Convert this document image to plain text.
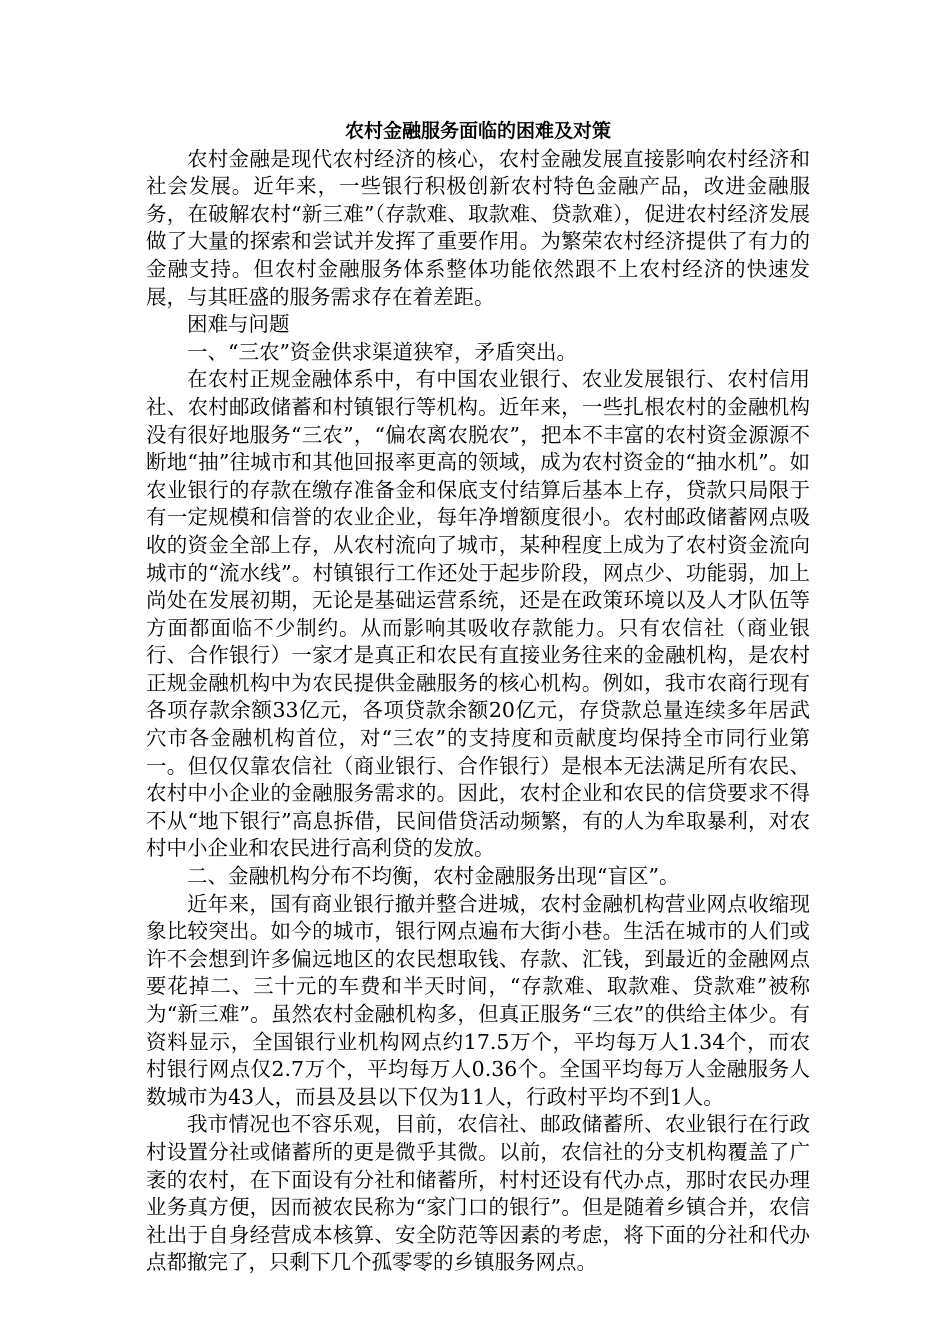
农村金融服务面临的困难及对策

农村金融是现代农村经济的核心，农村金融发展直接影响农村经济和社会发展。近年来，一些银行积极创新农村特色金融产品，改进金融服务，在破解农村“新三难”（存款难、取款难、贷款难），促进农村经济发展做了大量的探索和尝试并发挥了重要作用。为繁荣农村经济提供了有力的金融支持。但农村金融服务体系整体功能依然跟不上农村经济的快速发展，与其旺盛的服务需求存在着差距。

困难与问题

一、“三农”资金供求渠道狭窄，矛盾突出。

在农村正规金融体系中，有中国农业银行、农业发展银行、农村信用社、农村邮政储蓄和村镇银行等机构。近年来，一些扎根农村的金融机构没有很好地服务“三农”，“偏农离农脱农”，把本不丰富的农村资金源源不断地“抽”往城市和其他回报率更高的领域，成为农村资金的“抽水机”。如农业银行的存款在缴存准备金和保底支付结算后基本上存，贷款只局限于有一定规模和信誉的农业企业，每年净增额度很小。农村邮政储蓄网点吸收的资金全部上存，从农村流向了城市，某种程度上成为了农村资金流向城市的“流水线”。村镇银行工作还处于起步阶段，网点少、功能弱，加上尚处在发展初期，无论是基础运营系统，还是在政策环境以及人才队伍等方面都面临不少制约。从而影响其吸收存款能力。只有农信社（商业银行、合作银行）一家才是真正和农民有直接业务往来的金融机构，是农村正规金融机构中为农民提供金融服务的核心机构。例如，我市农商行现有各项存款余额33亿元，各项贷款余额20亿元，存贷款总量连续多年居武穴市各金融机构首位，对“三农”的支持度和贡献度均保持全市同行业第一。但仅仅靠农信社（商业银行、合作银行）是根本无法满足所有农民、农村中小企业的金融服务需求的。因此，农村企业和农民的信贷要求不得不从“地下银行”高息拆借，民间借贷活动频繁，有的人为牟取暴利，对农村中小企业和农民进行高利贷的发放。

二、金融机构分布不均衡，农村金融服务出现“盲区”。

近年来，国有商业银行撤并整合进城，农村金融机构营业网点收缩现象比较突出。如今的城市，银行网点遍布大街小巷。生活在城市的人们或许不会想到许多偏远地区的农民想取钱、存款、汇钱，到最近的金融网点要花掉二、三十元的车费和半天时间，“存款难、取款难、贷款难”被称为“新三难”。虽然农村金融机构多，但真正服务“三农”的供给主体少。有资料显示，全国银行业机构网点约17.5万个，平均每万人1.34个，而农村银行网点仅2.7万个，平均每万人0.36个。全国平均每万人金融服务人数城市为43人，而县及县以下仅为11人，行政村平均不到1人。

我市情况也不容乐观，目前，农信社、邮政储蓄所、农业银行在行政村设置分社或储蓄所的更是微乎其微。以前，农信社的分支机构覆盖了广袤的农村，在下面设有分社和储蓄所，村村还设有代办点，那时农民办理业务真方便，因而被农民称为“家门口的银行”。但是随着乡镇合并，农信社出于自身经营成本核算、安全防范等因素的考虑，将下面的分社和代办点都撤完了，只剩下几个孤零零的乡镇服务网点。
